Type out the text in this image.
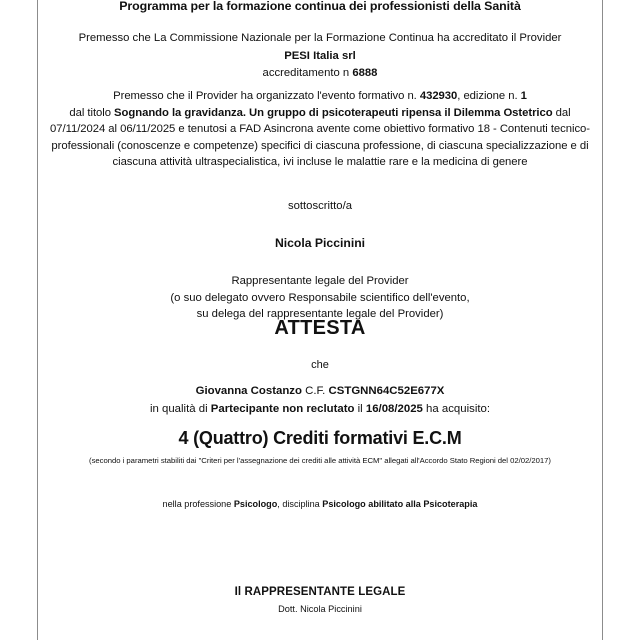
Programma per la formazione continua dei professionisti della Sanità
Premesso che La Commissione Nazionale per la Formazione Continua ha accreditato il Provider
PESI Italia srl
accreditamento n 6888

Premesso che il Provider ha organizzato l'evento formativo n. 432930, edizione n. 1
dal titolo Sognando la gravidanza. Un gruppo di psicoterapeuti ripensa il Dilemma Ostetrico dal 07/11/2024 al 06/11/2025 e tenutosi a FAD Asincrona avente come obiettivo formativo 18 - Contenuti tecnico-professionali (conoscenze e competenze) specifici di ciascuna professione, di ciascuna specializzazione e di ciascuna attività ultraspecialistica, ivi incluse le malattie rare e la medicina di genere

sottoscritto/a
Nicola Piccinini
Rappresentante legale del Provider
(o suo delegato ovvero Responsabile scientifico dell'evento,
su delega del rappresentante legale del Provider)
ATTESTA
che
Giovanna Costanzo C.F. CSTGNN64C52E677X
in qualità di Partecipante non reclutato il 16/08/2025 ha acquisito:
4 (Quattro) Crediti formativi E.C.M
(secondo i parametri stabiliti dai "Criteri per l'assegnazione dei crediti alle attività ECM" allegati all'Accordo Stato Regioni del 02/02/2017)
nella professione Psicologo, disciplina Psicologo abilitato alla Psicoterapia
Il RAPPRESENTANTE LEGALE
Dott. Nicola Piccinini
